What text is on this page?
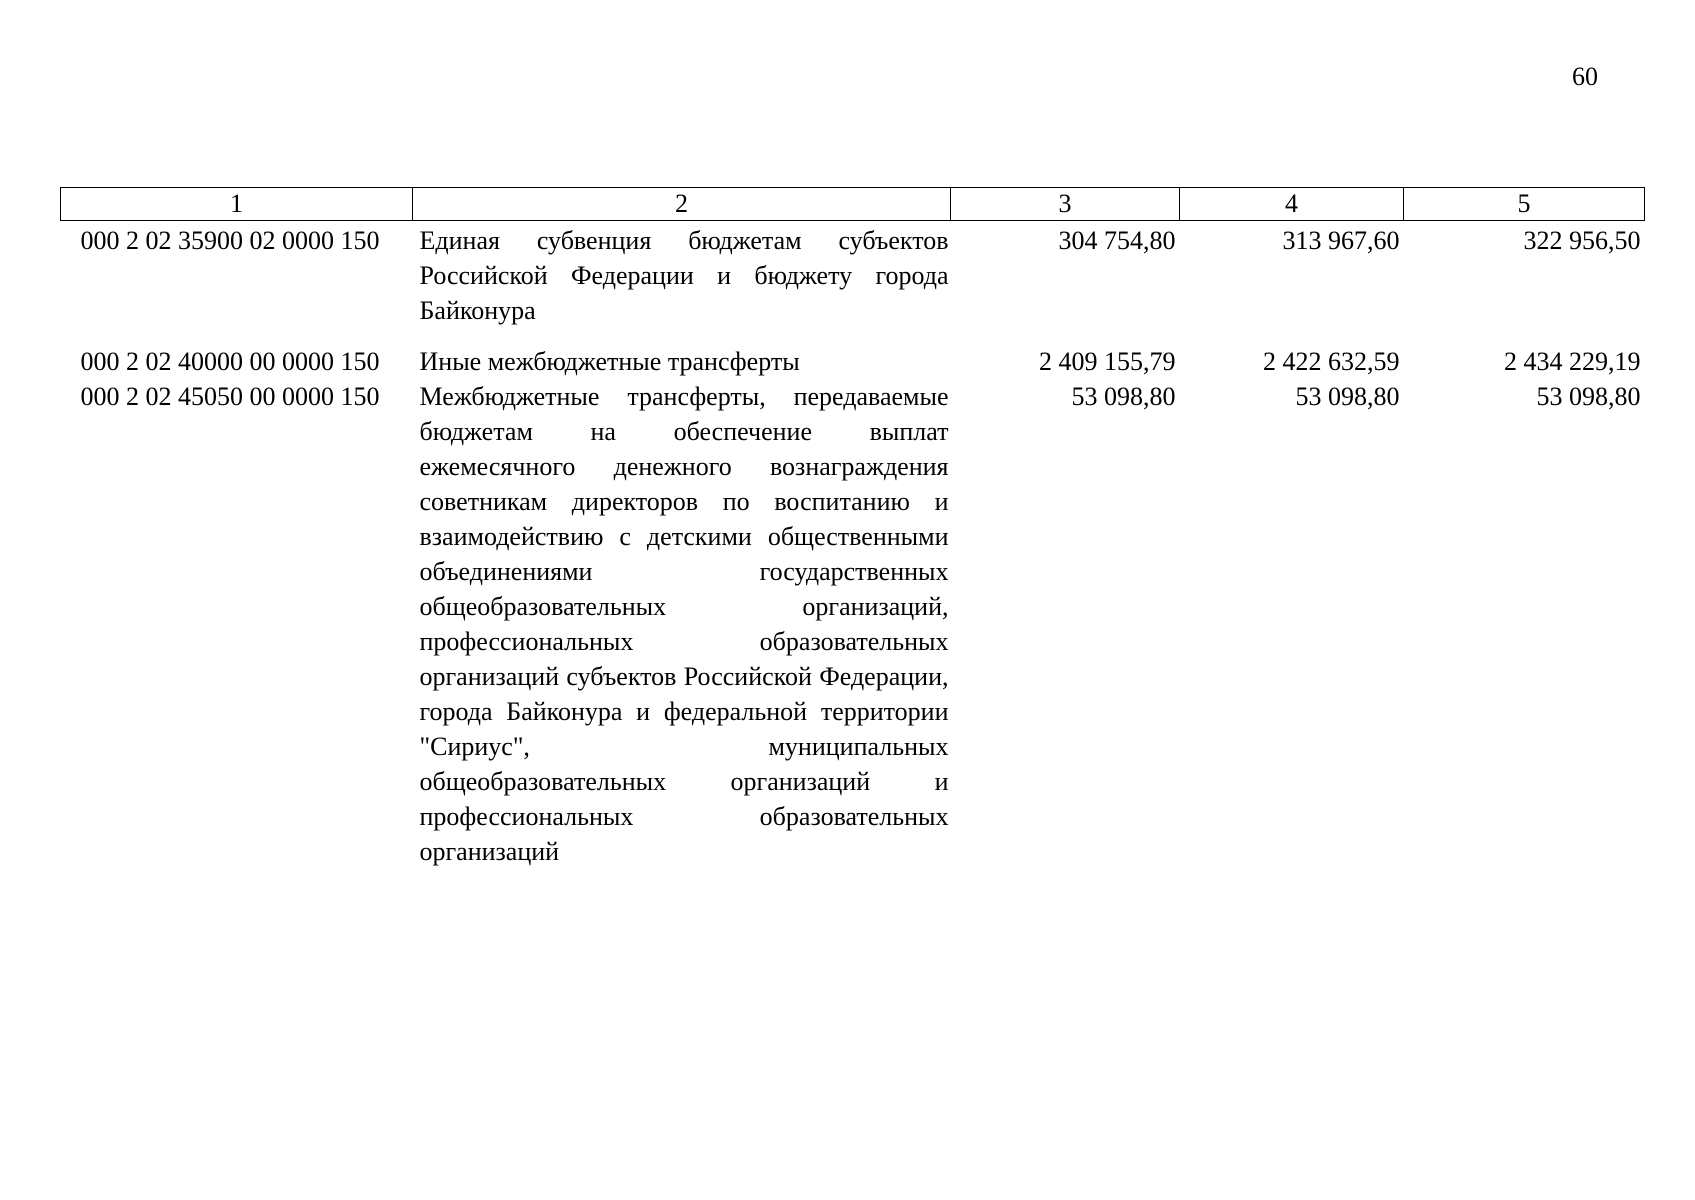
60
1	2	3	4	5
000 2 02 35900 02 0000 150	Единая субвенция бюджетам субъектов Российской Федерации и бюджету города Байконура	304 754,80	313 967,60	322 956,50
000 2 02 40000 00 0000 150	Иные межбюджетные трансферты	2 409 155,79	2 422 632,59	2 434 229,19
000 2 02 45050 00 0000 150	Межбюджетные трансферты, передаваемые бюджетам на обеспечение выплат ежемесячного денежного вознаграждения советникам директоров по воспитанию и взаимодействию с детскими общественными объединениями государственных общеобразовательных организаций, профессиональных образовательных организаций субъектов Российской Федерации, города Байконура и федеральной территории "Сириус", муниципальных общеобразовательных организаций и профессиональных образовательных организаций	53 098,80	53 098,80	53 098,80
